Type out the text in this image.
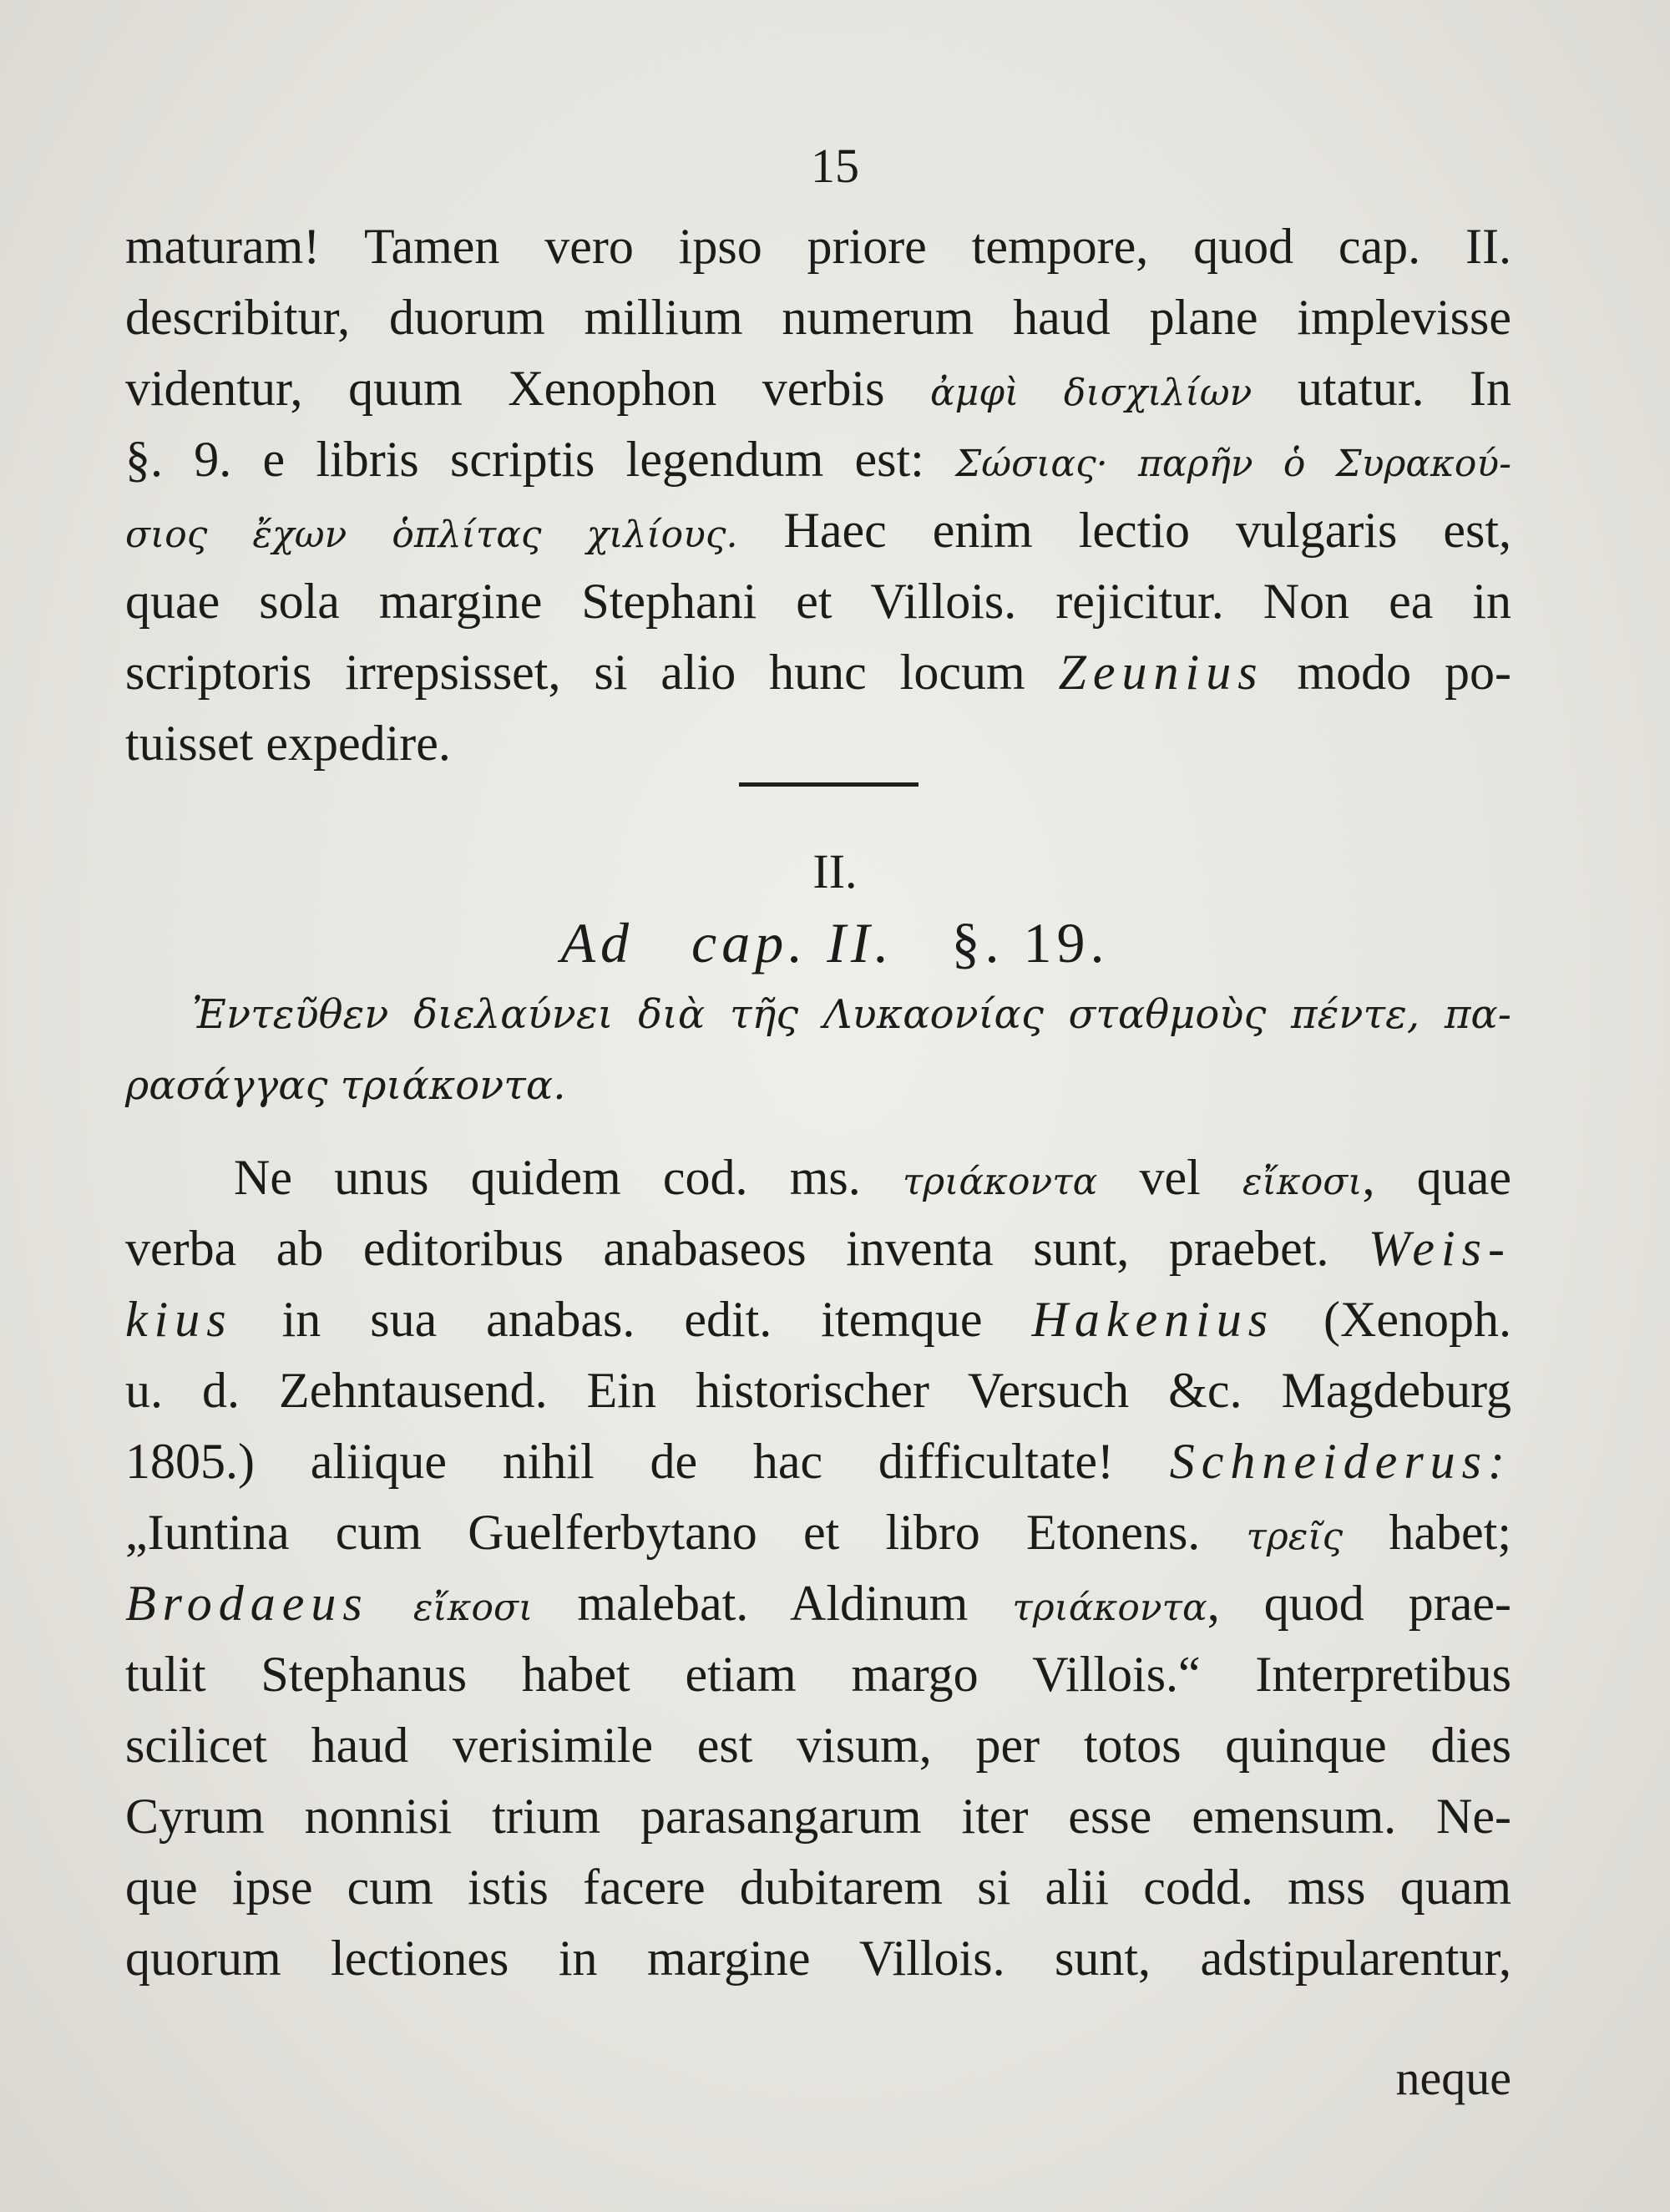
15
maturam! Tamen vero ipso priore tempore, quod cap. II.
describitur, duorum millium numerum haud plane implevisse
videntur, quum Xenophon verbis ἀμφὶ δισχιλίων utatur. In
§. 9. e libris scriptis legendum est: Σώσιας· παρῆν ὁ Συρακού-
σιος ἔχων ὁπλίτας χιλίους. Haec enim lectio vulgaris est,
quae sola margine Stephani et Villois. rejicitur. Non ea in
scriptoris irrepsisset, si alio hunc locum Zeunius modo po-
tuisset expedire.
II.
Ad cap. II. §. 19.
Ἐντεῦθεν διελαύνει διὰ τῆς Λυκαονίας σταθμοὺς πέντε, πα-
ρασάγγας τριάκοντα.
Ne unus quidem cod. ms. τριάκοντα vel εἴκοσι, quae
verba ab editoribus anabaseos inventa sunt, praebet. Weis-
kius in sua anabas. edit. itemque Hakenius (Xenoph.
u. d. Zehntausend. Ein historischer Versuch &c. Magdeburg
1805.) aliique nihil de hac difficultate! Schneiderus:
„Iuntina cum Guelferbytano et libro Etonens. τρεῖς habet;
Brodaeus εἴκοσι malebat. Aldinum τριάκοντα, quod prae-
tulit Stephanus habet etiam margo Villois.“ Interpretibus
scilicet haud verisimile est visum, per totos quinque dies
Cyrum nonnisi trium parasangarum iter esse emensum. Ne-
que ipse cum istis facere dubitarem si alii codd. mss quam
quorum lectiones in margine Villois. sunt, adstipularentur,
neque
